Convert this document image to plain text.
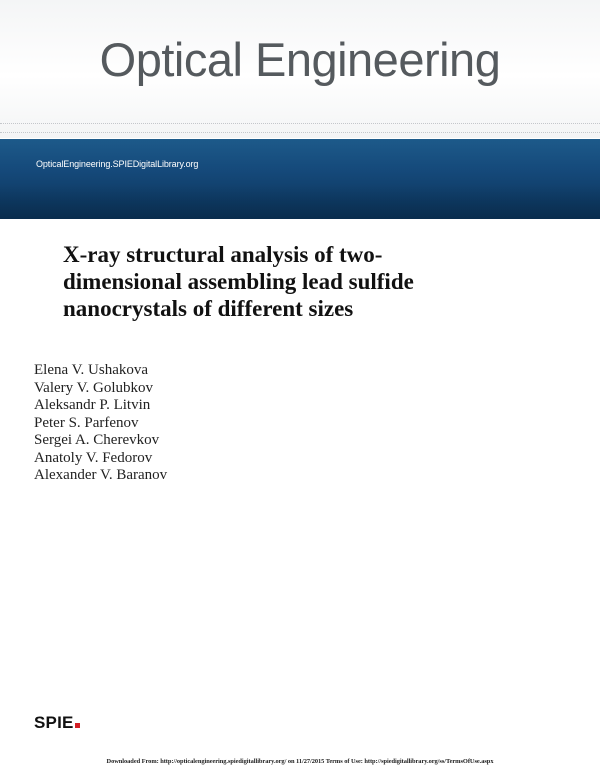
Optical Engineering
OpticalEngineering.SPIEDigitalLibrary.org
X-ray structural analysis of two-
dimensional assembling lead sulfide
nanocrystals of different sizes
Elena V. Ushakova
Valery V. Golubkov
Aleksandr P. Litvin
Peter S. Parfenov
Sergei A. Cherevkov
Anatoly V. Fedorov
Alexander V. Baranov
SPIE
Downloaded From: http://opticalengineering.spiedigitallibrary.org/ on 11/27/2015 Terms of Use: http://spiedigitallibrary.org/ss/TermsOfUse.aspx
